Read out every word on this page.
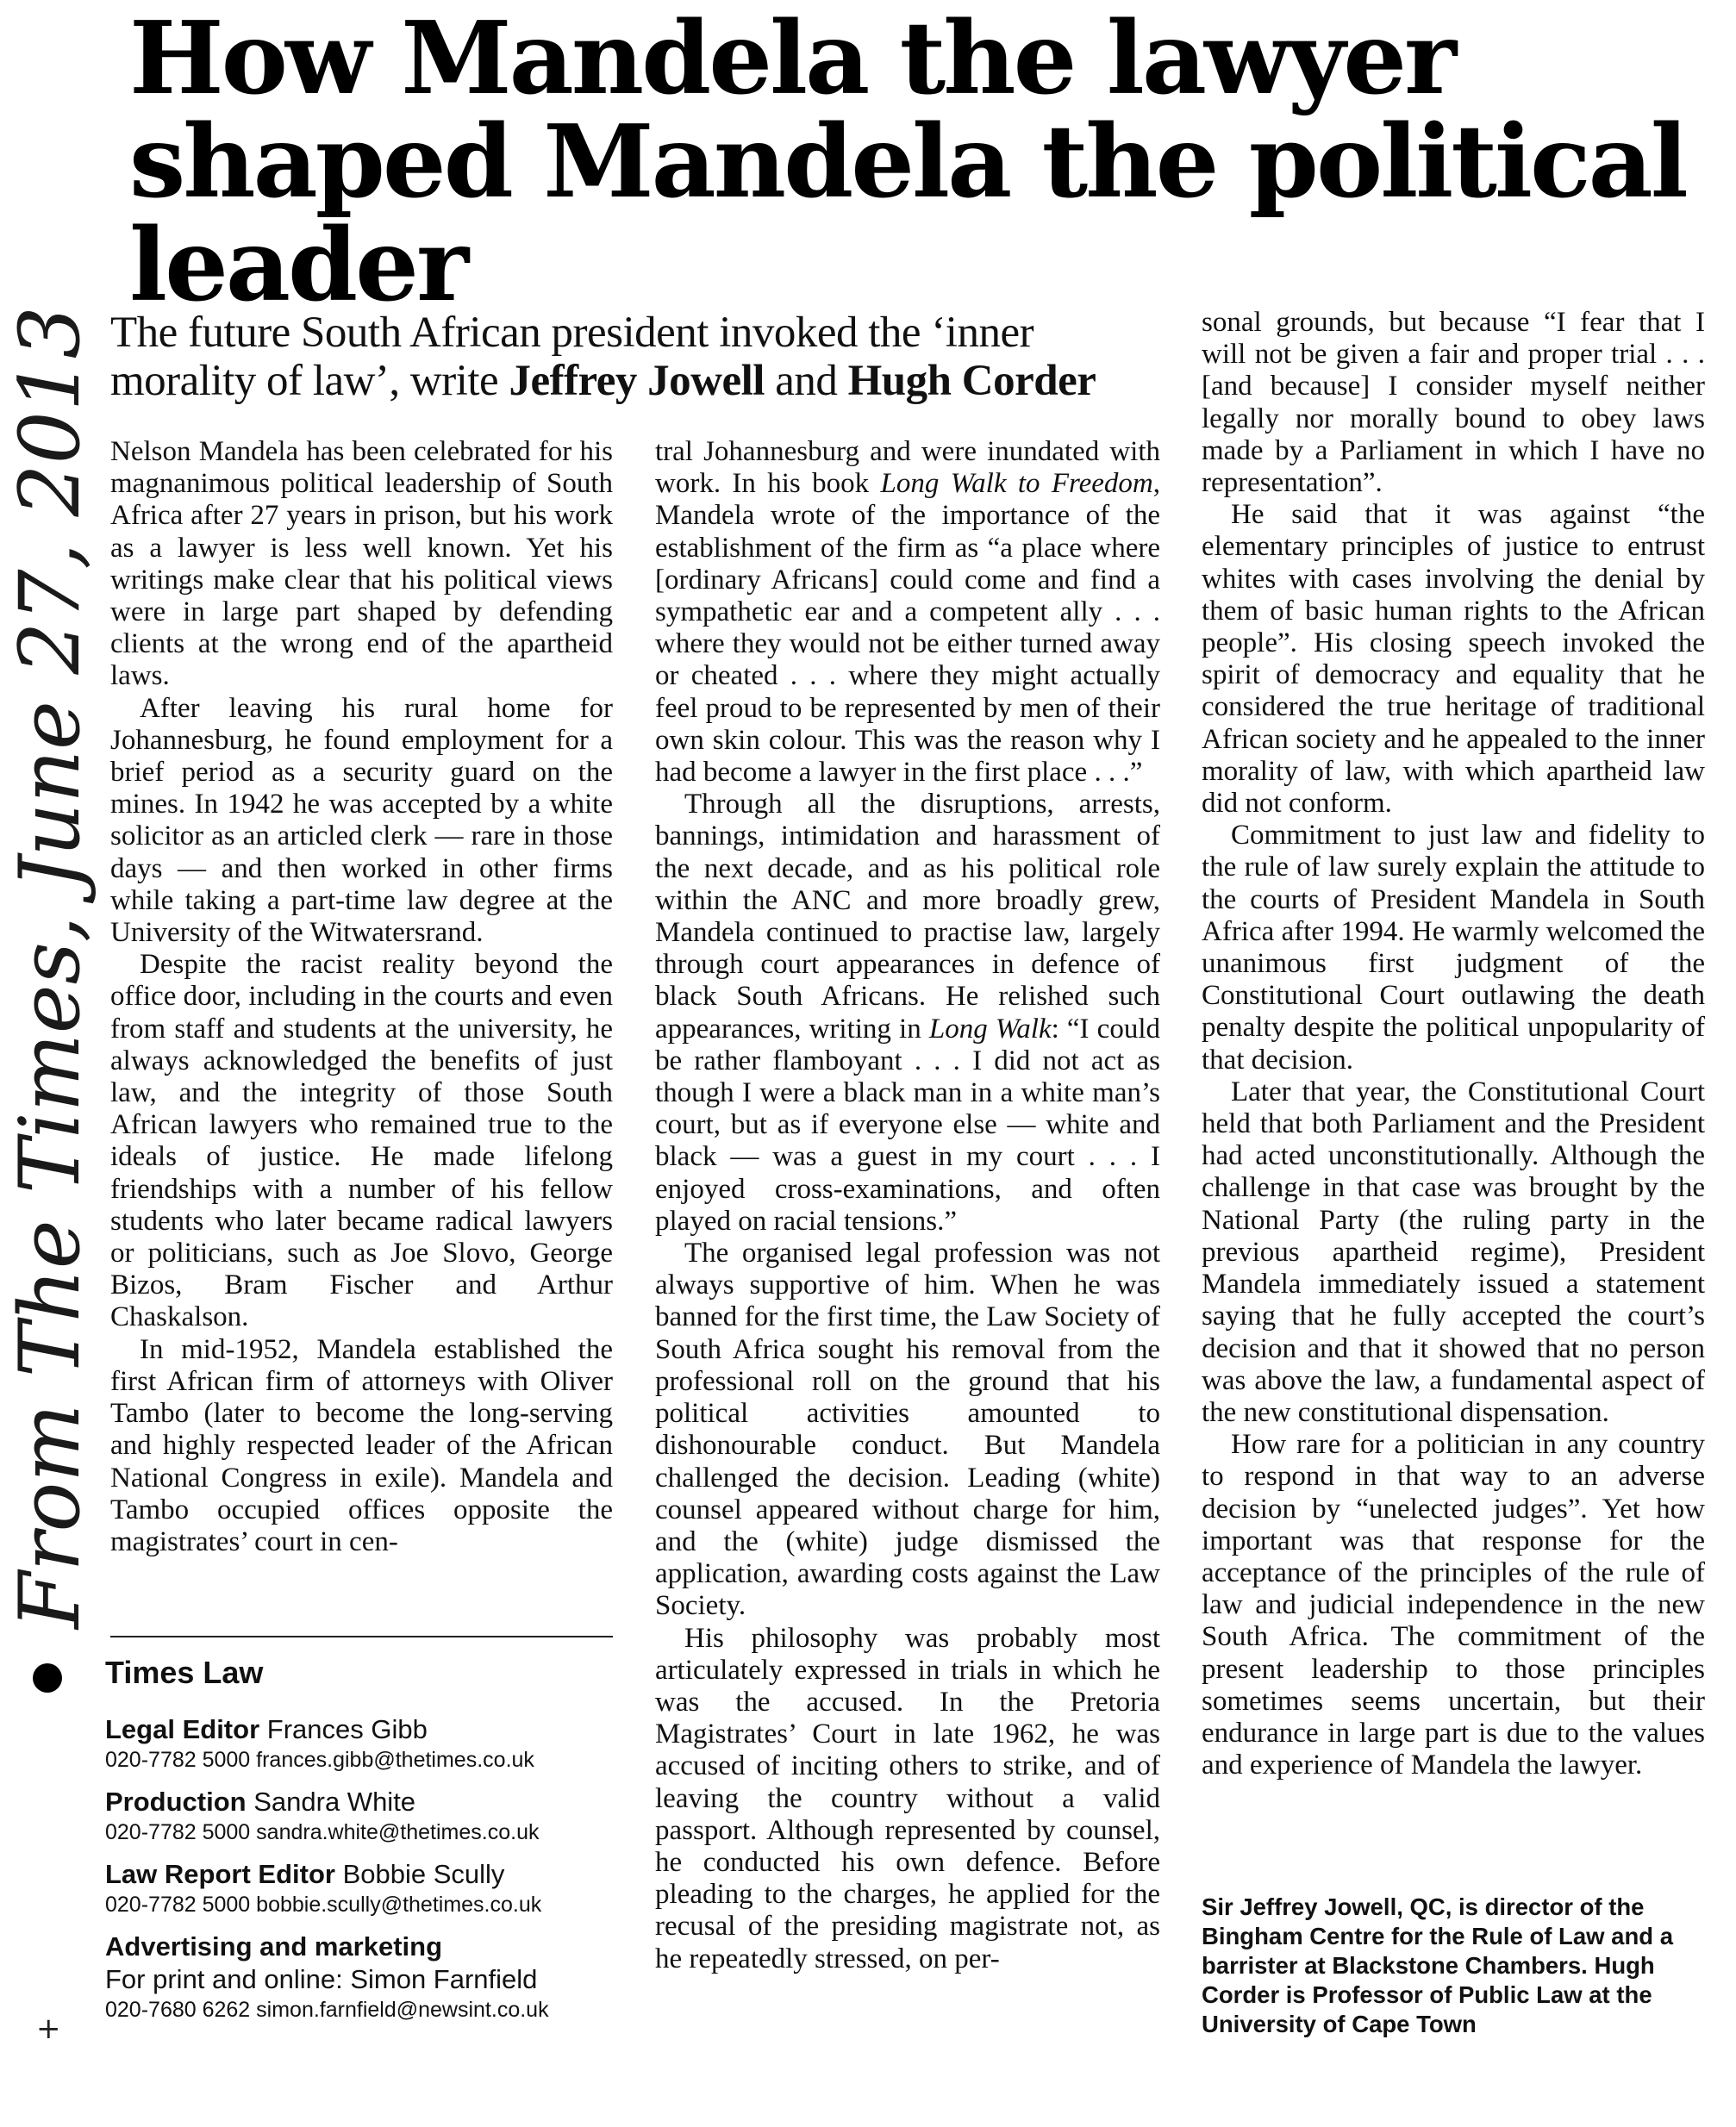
How Mandela the lawyer shaped Mandela the political leader
From The Times, June 27, 2013 The future South African president invoked the ‘inner morality of law’, write Jeffrey Jowell and Hugh Corder

Nelson Mandela has been celebrated for his magnanimous political leadership of South Africa after 27 years in prison, but his work as a lawyer is less well known. Yet his writings make clear that his political views were in large part shaped by defending clients at the wrong end of the apartheid laws.

After leaving his rural home for Johannesburg, he found employment for a brief period as a security guard on the mines. In 1942 he was accepted by a white solicitor as an articled clerk — rare in those days — and then worked in other firms while taking a part-time law degree at the University of the Witwatersrand.

Despite the racist reality beyond the office door, including in the courts and even from staff and students at the university, he always acknowledged the benefits of just law, and the integrity of those South African lawyers who remained true to the ideals of justice. He made lifelong friendships with a number of his fellow students who later became radical lawyers or politicians, such as Joe Slovo, George Bizos, Bram Fischer and Arthur Chaskalson.

In mid-1952, Mandela established the first African firm of attorneys with Oliver Tambo (later to become the long-serving and highly respected leader of the African National Congress in exile). Mandela and Tambo occupied offices opposite the magistrates’ court in cen-

tral Johannesburg and were inundated with work. In his book Long Walk to Freedom, Mandela wrote of the importance of the establishment of the firm as “a place where [ordinary Africans] could come and find a sympathetic ear and a competent ally . . . where they would not be either turned away or cheated . . . where they might actually feel proud to be represented by men of their own skin colour. This was the reason why I had become a lawyer in the first place . . .”

Through all the disruptions, arrests, bannings, intimidation and harassment of the next decade, and as his political role within the ANC and more broadly grew, Mandela continued to practise law, largely through court appearances in defence of black South Africans. He relished such appearances, writing in Long Walk: “I could be rather flamboyant . . . I did not act as though I were a black man in a white man’s court, but as if everyone else — white and black — was a guest in my court . . . I enjoyed cross-examinations, and often played on racial tensions.”

The organised legal profession was not always supportive of him. When he was banned for the first time, the Law Society of South Africa sought his removal from the professional roll on the ground that his political activities amounted to dishonourable conduct. But Mandela challenged the decision. Leading (white) counsel appeared without charge for him, and the (white) judge dismissed the application, awarding costs against the Law Society.

His philosophy was probably most articulately expressed in trials in which he was the accused. In the Pretoria Magistrates’ Court in late 1962, he was accused of inciting others to strike, and of leaving the country without a valid passport. Although represented by counsel, he conducted his own defence. Before pleading to the charges, he applied for the recusal of the presiding magistrate not, as he repeatedly stressed, on per-

sonal grounds, but because “I fear that I will not be given a fair and proper trial . . . [and because] I consider myself neither legally nor morally bound to obey laws made by a Parliament in which I have no representation”.

He said that it was against “the elementary principles of justice to entrust whites with cases involving the denial by them of basic human rights to the African people”. His closing speech invoked the spirit of democracy and equality that he considered the true heritage of traditional African society and he appealed to the inner morality of law, with which apartheid law did not conform.

Commitment to just law and fidelity to the rule of law surely explain the attitude to the courts of President Mandela in South Africa after 1994. He warmly welcomed the unanimous first judgment of the Constitutional Court outlawing the death penalty despite the political unpopularity of that decision.

Later that year, the Constitutional Court held that both Parliament and the President had acted unconstitutionally. Although the challenge in that case was brought by the National Party (the ruling party in the previous apartheid regime), President Mandela immediately issued a statement saying that he fully accepted the court’s decision and that it showed that no person was above the law, a fundamental aspect of the new constitutional dispensation.

How rare for a politician in any country to respond in that way to an adverse decision by “unelected judges”. Yet how important was that response for the acceptance of the principles of the rule of law and judicial independence in the new South Africa. The commitment of the present leadership to those principles sometimes seems uncertain, but their endurance in large part is due to the values and experience of Mandela the lawyer.

Sir Jeffrey Jowell, QC, is director of the Bingham Centre for the Rule of Law and a barrister at Blackstone Chambers. Hugh Corder is Professor of Public Law at the University of Cape Town
+
Times Law
Legal Editor Frances Gibb
020-7782 5000 frances.gibb@thetimes.co.uk
Production Sandra White
020-7782 5000 sandra.white@thetimes.co.uk
Law Report Editor Bobbie Scully
020-7782 5000 bobbie.scully@thetimes.co.uk
Advertising and marketing
For print and online: Simon Farnfield
020-7680 6262 simon.farnfield@newsint.co.uk
